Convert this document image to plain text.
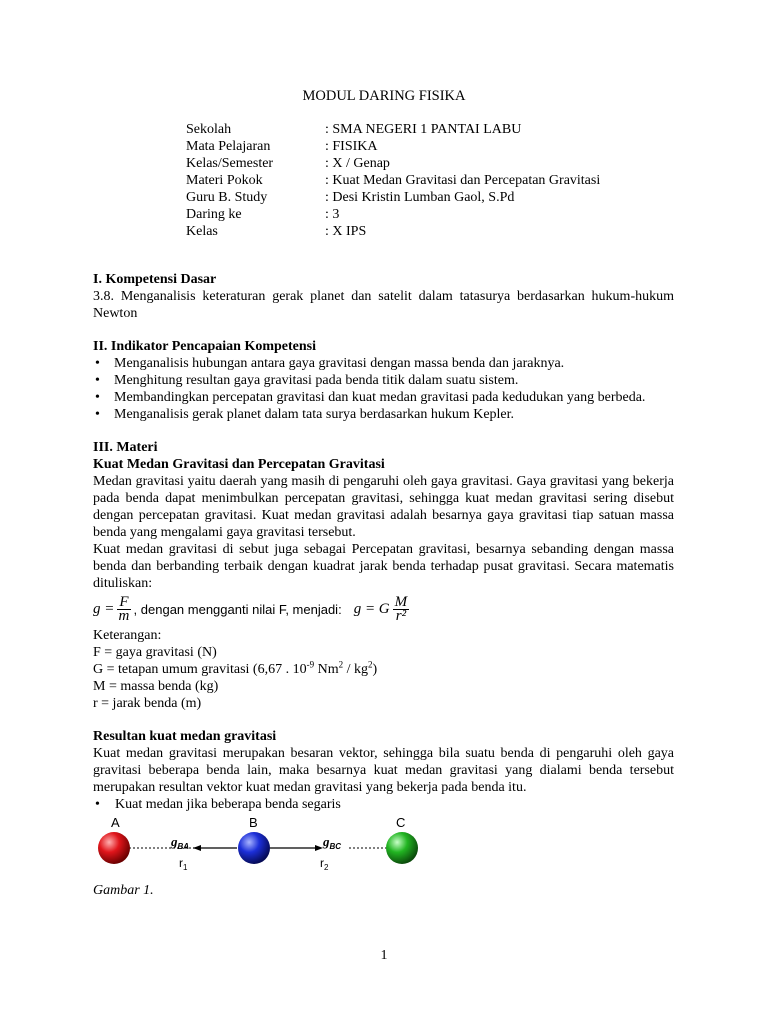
MODUL DARING FISIKA
Sekolah	: SMA NEGERI 1 PANTAI LABU
Mata Pelajaran	: FISIKA
Kelas/Semester	: X / Genap
Materi Pokok	: Kuat Medan Gravitasi dan Percepatan Gravitasi
Guru B. Study	: Desi Kristin Lumban Gaol, S.Pd
Daring ke	: 3
Kelas	: X IPS
I. Kompetensi Dasar
3.8. Menganalisis keteraturan gerak planet dan satelit dalam tatasurya berdasarkan hukum-hukum Newton
II. Indikator Pencapaian Kompetensi
•	Menganalisis hubungan antara gaya gravitasi dengan massa benda dan jaraknya.
•	Menghitung resultan gaya gravitasi pada benda titik dalam suatu sistem.
•	Membandingkan percepatan gravitasi dan kuat medan gravitasi pada kedudukan yang berbeda.
•	Menganalisis gerak planet dalam tata surya berdasarkan hukum Kepler.
III. Materi
Kuat Medan Gravitasi dan Percepatan Gravitasi
Medan gravitasi yaitu daerah yang masih di pengaruhi oleh gaya gravitasi. Gaya gravitasi yang bekerja pada benda dapat menimbulkan percepatan gravitasi, sehingga kuat medan gravitasi sering disebut dengan percepatan gravitasi. Kuat medan gravitasi adalah besarnya gaya gravitasi tiap satuan massa benda yang mengalami gaya gravitasi tersebut.
Kuat medan gravitasi di sebut juga sebagai Percepatan gravitasi, besarnya sebanding dengan massa benda dan berbanding terbaik dengan kuadrat jarak benda terhadap pusat gravitasi. Secara matematis dituliskan:
$g = \frac{F}{m}$ , dengan mengganti nilai F, menjadi: g = G $\frac{M}{\text{r²}}$
Keterangan:
F = gaya gravitasi (N)
G = tetapan umum gravitasi (6,67 . $10^{-9}$ $Nm^2 / kg^2$)
M = massa benda (kg)
r = jarak benda (m)
Resultan kuat medan gravitasi
Kuat medan gravitasi merupakan besaran vektor, sehingga bila suatu benda di pengaruhi oleh gaya gravitasi beberapa benda lain, maka besarnya kuat medan gravitasi yang dialami benda tersebut merupakan resultan vektor kuat medan gravitasi yang bekerja pada benda itu.
•	Kuat medan jika beberapa benda segaris
A	B	C
$g_{BA}$	$g_{BC}$
$r_1$	$r_2$
Gambar 1.
1
